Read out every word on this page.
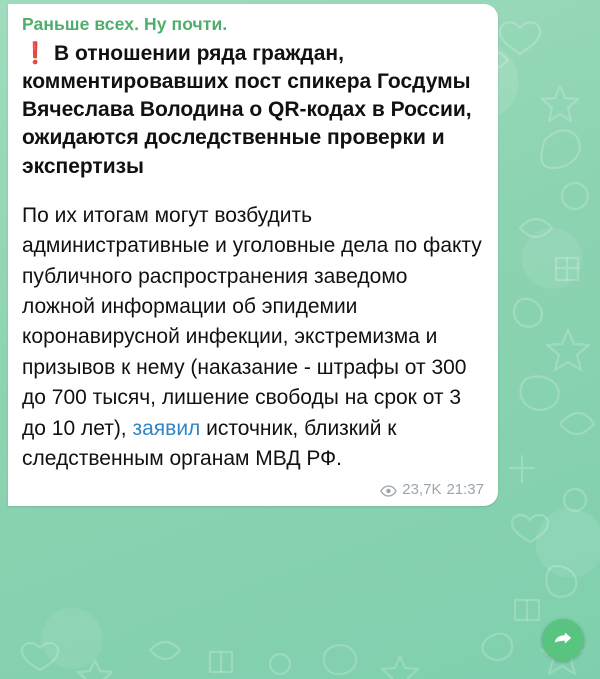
Раньше всех. Ну почти.
❗ В отношении ряда граждан, комментировавших пост спикера Госдумы Вячеслава Володина о QR-кодах в России, ожидаются доследственные проверки и экспертизы
По их итогам могут возбудить административные и уголовные дела по факту публичного распространения заведомо ложной информации об эпидемии коронавирусной инфекции, экстремизма и призывов к нему (наказание - штрафы от 300 до 700 тысяч, лишение свободы на срок от 3 до 10 лет), заявил источник, близкий к следственным органам МВД РФ.
23,7K 21:37
